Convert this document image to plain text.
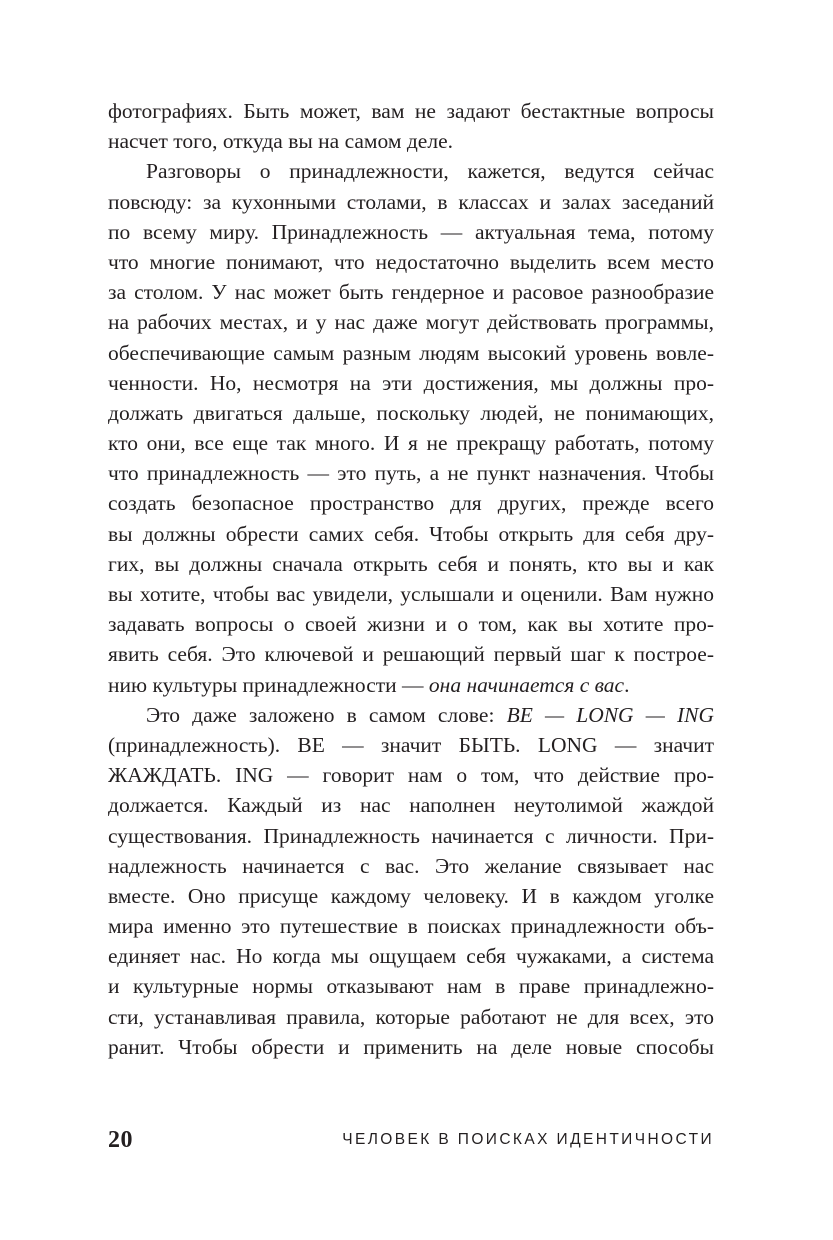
фотографиях. Быть может, вам не задают бестактные вопросы
насчет того, откуда вы на самом деле.
Разговоры о принадлежности, кажется, ведутся сейчас
повсюду: за кухонными столами, в классах и залах заседаний
по всему миру. Принадлежность — актуальная тема, потому
что многие понимают, что недостаточно выделить всем место
за столом. У нас может быть гендерное и расовое разнообразие
на рабочих местах, и у нас даже могут действовать программы,
обеспечивающие самым разным людям высокий уровень вовле-
ченности. Но, несмотря на эти достижения, мы должны про-
должать двигаться дальше, поскольку людей, не понимающих,
кто они, все еще так много. И я не прекращу работать, потому
что принадлежность — это путь, а не пункт назначения. Чтобы
создать безопасное пространство для других, прежде всего
вы должны обрести самих себя. Чтобы открыть для себя дру-
гих, вы должны сначала открыть себя и понять, кто вы и как
вы хотите, чтобы вас увидели, услышали и оценили. Вам нужно
задавать вопросы о своей жизни и о том, как вы хотите про-
явить себя. Это ключевой и решающий первый шаг к построе-
нию культуры принадлежности — она начинается с вас.
Это даже заложено в самом слове: BE — LONG — ING
(принадлежность). BE — значит БЫТЬ. LONG — значит
ЖАЖДАТЬ. ING — говорит нам о том, что действие про-
должается. Каждый из нас наполнен неутолимой жаждой
существования. Принадлежность начинается с личности. При-
надлежность начинается с вас. Это желание связывает нас
вместе. Оно присуще каждому человеку. И в каждом уголке
мира именно это путешествие в поисках принадлежности объ-
единяет нас. Но когда мы ощущаем себя чужаками, а система
и культурные нормы отказывают нам в праве принадлежно-
сти, устанавливая правила, которые работают не для всех, это
ранит. Чтобы обрести и применить на деле новые способы
20	ЧЕЛОВЕК В ПОИСКАХ ИДЕНТИЧНОСТИ
